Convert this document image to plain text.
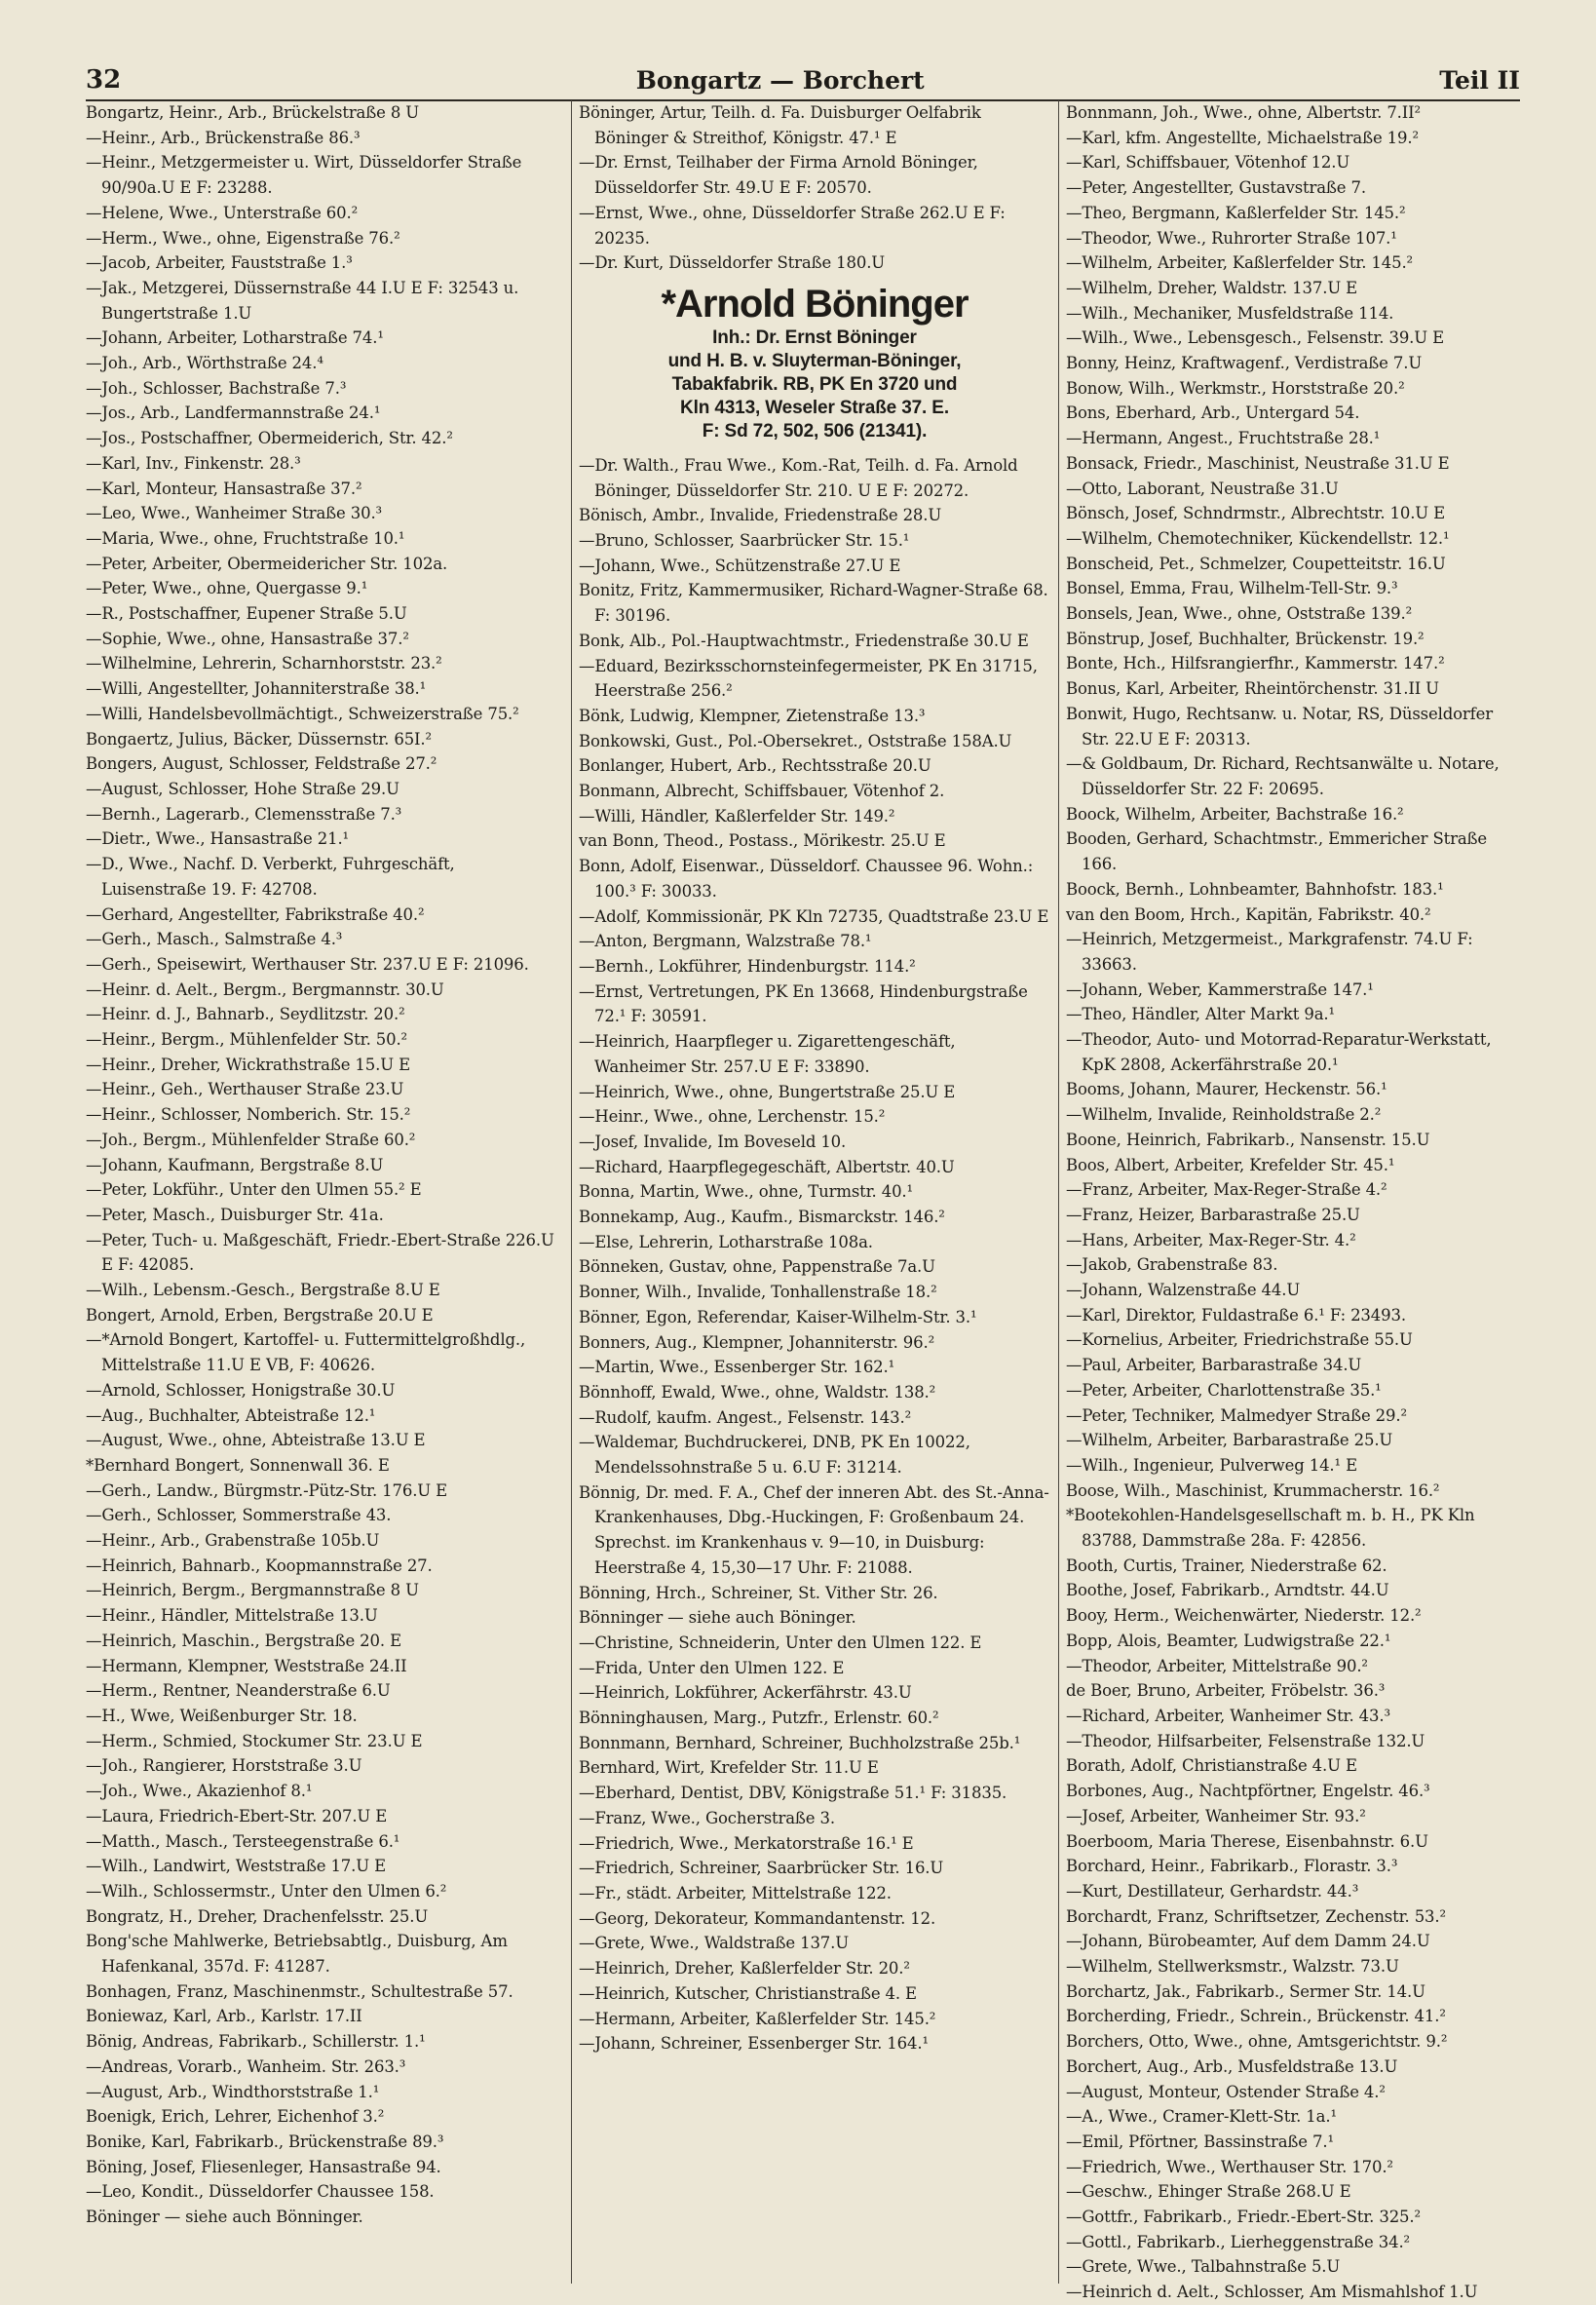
32	Bongartz — Borchert	Teil II
Bongartz, Heinr., Arb., Brückelstraße 8 U
—Heinr., Arb., Brückenstraße 86.³
—Heinr., Metzgermeister u. Wirt, Düsseldorfer Straße 90/90a.U E F: 23288.
—Helene, Wwe., Unterstraße 60.²
—Herm., Wwe., ohne, Eigenstraße 76.²
—Jacob, Arbeiter, Fauststraße 1.³
—Jak., Metzgerei, Düssernstraße 44 I.U E F: 32543 u. Bungertstraße 1.U
—Johann, Arbeiter, Lotharstraße 74.¹
—Joh., Arb., Wörthstraße 24.⁴
—Joh., Schlosser, Bachstraße 7.³
—Jos., Arb., Landfermannstraße 24.¹
—Jos., Postschaffner, Obermeiderich, Str. 42.²
—Karl, Inv., Finkenstr. 28.³
—Karl, Monteur, Hansastraße 37.²
—Leo, Wwe., Wanheimer Straße 30.³
—Maria, Wwe., ohne, Fruchtstraße 10.¹
—Peter, Arbeiter, Obermeidericher Str. 102a.
—Peter, Wwe., ohne, Quergasse 9.¹
—R., Postschaffner, Eupener Straße 5.U
—Sophie, Wwe., ohne, Hansastraße 37.²
—Wilhelmine, Lehrerin, Scharnhorststr. 23.²
—Willi, Angestellter, Johanniterstraße 38.¹
—Willi, Handelsbevollmächtigt., Schweizerstraße 75.²
Bongaertz, Julius, Bäcker, Düssernstr. 65I.²
Bongers, August, Schlosser, Feldstraße 27.²
—August, Schlosser, Hohe Straße 29.U
—Bernh., Lagerarb., Clemensstraße 7.³
—Dietr., Wwe., Hansastraße 21.¹
—D., Wwe., Nachf. D. Verberkt, Fuhrgeschäft, Luisenstraße 19. F: 42708.
—Gerhard, Angestellter, Fabrikstraße 40.²
—Gerh., Masch., Salmstraße 4.³
—Gerh., Speisewirt, Werthauser Str. 237.U E F: 21096.
—Heinr. d. Aelt., Bergm., Bergmannstr. 30.U
—Heinr. d. J., Bahnarb., Seydlitzstr. 20.²
—Heinr., Bergm., Mühlenfelder Str. 50.²
—Heinr., Dreher, Wickrathstraße 15.U E
—Heinr., Geh., Werthauser Straße 23.U
—Heinr., Schlosser, Nomberich. Str. 15.²
—Joh., Bergm., Mühlenfelder Straße 60.²
—Johann, Kaufmann, Bergstraße 8.U
—Peter, Lokführ., Unter den Ulmen 55.² E
—Peter, Masch., Duisburger Str. 41a.
—Peter, Tuch- u. Maßgeschäft, Friedr.-Ebert-Straße 226.U E F: 42085.
—Wilh., Lebensm.-Gesch., Bergstraße 8.U E
Bongert, Arnold, Erben, Bergstraße 20.U E
—*Arnold Bongert, Kartoffel- u. Futtermittelgroßhdlg., Mittelstraße 11.U E VB, F: 40626.
—Arnold, Schlosser, Honigstraße 30.U
—Aug., Buchhalter, Abteistraße 12.¹
—August, Wwe., ohne, Abteistraße 13.U E
*Bernhard Bongert, Sonnenwall 36. E
—Gerh., Landw., Bürgmstr.-Pütz-Str. 176.U E
—Gerh., Schlosser, Sommerstraße 43.
—Heinr., Arb., Grabenstraße 105b.U
—Heinrich, Bahnarb., Koopmannstraße 27.
—Heinrich, Bergm., Bergmannstraße 8 U
—Heinr., Händler, Mittelstraße 13.U
—Heinrich, Maschin., Bergstraße 20. E
—Hermann, Klempner, Weststraße 24.II
—Herm., Rentner, Neanderstraße 6.U
—H., Wwe, Weißenburger Str. 18.
—Herm., Schmied, Stockumer Str. 23.U E
—Joh., Rangierer, Horststraße 3.U
—Joh., Wwe., Akazienhof 8.¹
—Laura, Friedrich-Ebert-Str. 207.U E
—Matth., Masch., Tersteegenstraße 6.¹
—Wilh., Landwirt, Weststraße 17.U E
—Wilh., Schlossermstr., Unter den Ulmen 6.²
Bongratz, H., Dreher, Drachenfelsstr. 25.U
Bong'sche Mahlwerke, Betriebsabtlg., Duisburg, Am Hafenkanal, 357d. F: 41287.
Bonhagen, Franz, Maschinenmstr., Schultestraße 57.
Boniewaz, Karl, Arb., Karlstr. 17.II
Bönig, Andreas, Fabrikarb., Schillerstr. 1.¹
—Andreas, Vorarb., Wanheim. Str. 263.³
—August, Arb., Windthorststraße 1.¹
Boenigk, Erich, Lehrer, Eichenhof 3.²
Bonike, Karl, Fabrikarb., Brückenstraße 89.³
Böning, Josef, Fliesenleger, Hansastraße 94.
—Leo, Kondit., Düsseldorfer Chaussee 158.
Böninger — siehe auch Bönninger.
Böninger, Artur, Teilh. d. Fa. Duisburger Oelfabrik Böninger & Streithof, Königstr. 47.¹ E
—Dr. Ernst, Teilhaber der Firma Arnold Böninger, Düsseldorfer Str. 49.U E F: 20570.
—Ernst, Wwe., ohne, Düsseldorfer Straße 262.U E F: 20235.
—Dr. Kurt, Düsseldorfer Straße 180.U
*Arnold Böninger
Inh.: Dr. Ernst Böninger
und H. B. v. Sluyterman-Böninger,
Tabakfabrik. RB, PK En 3720 und
Kln 4313, Weseler Straße 37. E.
F: Sd 72, 502, 506 (21341).
—Dr. Walth., Frau Wwe., Kom.-Rat, Teilh. d. Fa. Arnold Böninger, Düsseldorfer Str. 210. U E F: 20272.
Bönisch, Ambr., Invalide, Friedenstraße 28.U
—Bruno, Schlosser, Saarbrücker Str. 15.¹
—Johann, Wwe., Schützenstraße 27.U E
Bonitz, Fritz, Kammermusiker, Richard-Wagner-Straße 68. F: 30196.
Bonk, Alb., Pol.-Hauptwachtmstr., Friedenstraße 30.U E
—Eduard, Bezirksschornsteinfegermeister, PK En 31715, Heerstraße 256.²
Bönk, Ludwig, Klempner, Zietenstraße 13.³
Bonkowski, Gust., Pol.-Obersekret., Oststraße 158A.U
Bonlanger, Hubert, Arb., Rechtsstraße 20.U
Bonmann, Albrecht, Schiffsbauer, Vötenhof 2.
—Willi, Händler, Kaßlerfelder Str. 149.²
van Bonn, Theod., Postass., Mörikestr. 25.U E
Bonn, Adolf, Eisenwar., Düsseldorf. Chaussee 96. Wohn.: 100.³ F: 30033.
—Adolf, Kommissionär, PK Kln 72735, Quadtstraße 23.U E
—Anton, Bergmann, Walzstraße 78.¹
—Bernh., Lokführer, Hindenburgstr. 114.²
—Ernst, Vertretungen, PK En 13668, Hindenburgstraße 72.¹ F: 30591.
—Heinrich, Haarpfleger u. Zigarettengeschäft, Wanheimer Str. 257.U E F: 33890.
—Heinrich, Wwe., ohne, Bungertstraße 25.U E
—Heinr., Wwe., ohne, Lerchenstr. 15.²
—Josef, Invalide, Im Boveseld 10.
—Richard, Haarpflegegeschäft, Albertstr. 40.U
Bonna, Martin, Wwe., ohne, Turmstr. 40.¹
Bonnekamp, Aug., Kaufm., Bismarckstr. 146.²
—Else, Lehrerin, Lotharstraße 108a.
Bönneken, Gustav, ohne, Pappenstraße 7a.U
Bonner, Wilh., Invalide, Tonhallenstraße 18.²
Bönner, Egon, Referendar, Kaiser-Wilhelm-Str. 3.¹
Bonners, Aug., Klempner, Johanniterstr. 96.²
—Martin, Wwe., Essenberger Str. 162.¹
Bönnhoff, Ewald, Wwe., ohne, Waldstr. 138.²
—Rudolf, kaufm. Angest., Felsenstr. 143.²
—Waldemar, Buchdruckerei, DNB, PK En 10022, Mendelssohnstraße 5 u. 6.U F: 31214.
Bönnig, Dr. med. F. A., Chef der inneren Abt. des St.-Anna-Krankenhauses, Dbg.-Huckingen, F: Großenbaum 24. Sprechst. im Krankenhaus v. 9—10, in Duisburg: Heerstraße 4, 15,30—17 Uhr. F: 21088.
Bönning, Hrch., Schreiner, St. Vither Str. 26.
Bönninger — siehe auch Böninger.
—Christine, Schneiderin, Unter den Ulmen 122. E
—Frida, Unter den Ulmen 122. E
—Heinrich, Lokführer, Ackerfährstr. 43.U
Bönninghausen, Marg., Putzfr., Erlenstr. 60.²
Bonnmann, Bernhard, Schreiner, Buchholzstraße 25b.¹
Bernhard, Wirt, Krefelder Str. 11.U E
—Eberhard, Dentist, DBV, Königstraße 51.¹ F: 31835.
—Franz, Wwe., Gocherstraße 3.
—Friedrich, Wwe., Merkatorstraße 16.¹ E
—Friedrich, Schreiner, Saarbrücker Str. 16.U
—Fr., städt. Arbeiter, Mittelstraße 122.
—Georg, Dekorateur, Kommandantenstr. 12.
—Grete, Wwe., Waldstraße 137.U
—Heinrich, Dreher, Kaßlerfelder Str. 20.²
—Heinrich, Kutscher, Christianstraße 4. E
—Hermann, Arbeiter, Kaßlerfelder Str. 145.²
—Johann, Schreiner, Essenberger Str. 164.¹
Bonnmann, Joh., Wwe., ohne, Albertstr. 7.II²
—Karl, kfm. Angestellte, Michaelstraße 19.²
—Karl, Schiffsbauer, Vötenhof 12.U
—Peter, Angestellter, Gustavstraße 7.
—Theo, Bergmann, Kaßlerfelder Str. 145.²
—Theodor, Wwe., Ruhrorter Straße 107.¹
—Wilhelm, Arbeiter, Kaßlerfelder Str. 145.²
—Wilhelm, Dreher, Waldstr. 137.U E
—Wilh., Mechaniker, Musfeldstraße 114.
—Wilh., Wwe., Lebensgesch., Felsenstr. 39.U E
Bonny, Heinz, Kraftwagenf., Verdistraße 7.U
Bonow, Wilh., Werkmstr., Horststraße 20.²
Bons, Eberhard, Arb., Untergard 54.
—Hermann, Angest., Fruchtstraße 28.¹
Bonsack, Friedr., Maschinist, Neustraße 31.U E
—Otto, Laborant, Neustraße 31.U
Bönsch, Josef, Schndrmstr., Albrechtstr. 10.U E
—Wilhelm, Chemotechniker, Kückendellstr. 12.¹
Bonscheid, Pet., Schmelzer, Coupetteitstr. 16.U
Bonsel, Emma, Frau, Wilhelm-Tell-Str. 9.³
Bonsels, Jean, Wwe., ohne, Oststraße 139.²
Bönstrup, Josef, Buchhalter, Brückenstr. 19.²
Bonte, Hch., Hilfsrangierfhr., Kammerstr. 147.²
Bonus, Karl, Arbeiter, Rheintörchenstr. 31.II U
Bonwit, Hugo, Rechtsanw. u. Notar, RS, Düsseldorfer Str. 22.U E F: 20313.
—& Goldbaum, Dr. Richard, Rechtsanwälte u. Notare, Düsseldorfer Str. 22 F: 20695.
Boock, Wilhelm, Arbeiter, Bachstraße 16.²
Booden, Gerhard, Schachtmstr., Emmericher Straße 166.
Boock, Bernh., Lohnbeamter, Bahnhofstr. 183.¹
van den Boom, Hrch., Kapitän, Fabrikstr. 40.²
—Heinrich, Metzgermeist., Markgrafenstr. 74.U F: 33663.
—Johann, Weber, Kammerstraße 147.¹
—Theo, Händler, Alter Markt 9a.¹
—Theodor, Auto- und Motorrad-Reparatur-Werkstatt, KpK 2808, Ackerfährstraße 20.¹
Booms, Johann, Maurer, Heckenstr. 56.¹
—Wilhelm, Invalide, Reinholdstraße 2.²
Boone, Heinrich, Fabrikarb., Nansenstr. 15.U
Boos, Albert, Arbeiter, Krefelder Str. 45.¹
—Franz, Arbeiter, Max-Reger-Straße 4.²
—Franz, Heizer, Barbarastraße 25.U
—Hans, Arbeiter, Max-Reger-Str. 4.²
—Jakob, Grabenstraße 83.
—Johann, Walzenstraße 44.U
—Karl, Direktor, Fuldastraße 6.¹ F: 23493.
—Kornelius, Arbeiter, Friedrichstraße 55.U
—Paul, Arbeiter, Barbarastraße 34.U
—Peter, Arbeiter, Charlottenstraße 35.¹
—Peter, Techniker, Malmedyer Straße 29.²
—Wilhelm, Arbeiter, Barbarastraße 25.U
—Wilh., Ingenieur, Pulverweg 14.¹ E
Boose, Wilh., Maschinist, Krummacherstr. 16.²
*Bootekohlen-Handelsgesellschaft m. b. H., PK Kln 83788, Dammstraße 28a. F: 42856.
Booth, Curtis, Trainer, Niederstraße 62.
Boothe, Josef, Fabrikarb., Arndtstr. 44.U
Booy, Herm., Weichenwärter, Niederstr. 12.²
Bopp, Alois, Beamter, Ludwigstraße 22.¹
—Theodor, Arbeiter, Mittelstraße 90.²
de Boer, Bruno, Arbeiter, Fröbelstr. 36.³
—Richard, Arbeiter, Wanheimer Str. 43.³
—Theodor, Hilfsarbeiter, Felsenstraße 132.U
Borath, Adolf, Christianstraße 4.U E
Borbones, Aug., Nachtpförtner, Engelstr. 46.³
—Josef, Arbeiter, Wanheimer Str. 93.²
Boerboom, Maria Therese, Eisenbahnstr. 6.U
Borchard, Heinr., Fabrikarb., Florastr. 3.³
—Kurt, Destillateur, Gerhardstr. 44.³
Borchardt, Franz, Schriftsetzer, Zechenstr. 53.²
—Johann, Bürobeamter, Auf dem Damm 24.U
—Wilhelm, Stellwerksmstr., Walzstr. 73.U
Borchartz, Jak., Fabrikarb., Sermer Str. 14.U
Borcherding, Friedr., Schrein., Brückenstr. 41.²
Borchers, Otto, Wwe., ohne, Amtsgerichtstr. 9.²
Borchert, Aug., Arb., Musfeldstraße 13.U
—August, Monteur, Ostender Straße 4.²
—A., Wwe., Cramer-Klett-Str. 1a.¹
—Emil, Pförtner, Bassinstraße 7.¹
—Friedrich, Wwe., Werthauser Str. 170.²
—Geschw., Ehinger Straße 268.U E
—Gottfr., Fabrikarb., Friedr.-Ebert-Str. 325.²
—Gottl., Fabrikarb., Lierheggenstraße 34.²
—Grete, Wwe., Talbahnstraße 5.U
—Heinrich d. Aelt., Schlosser, Am Mismahlshof 1.U
